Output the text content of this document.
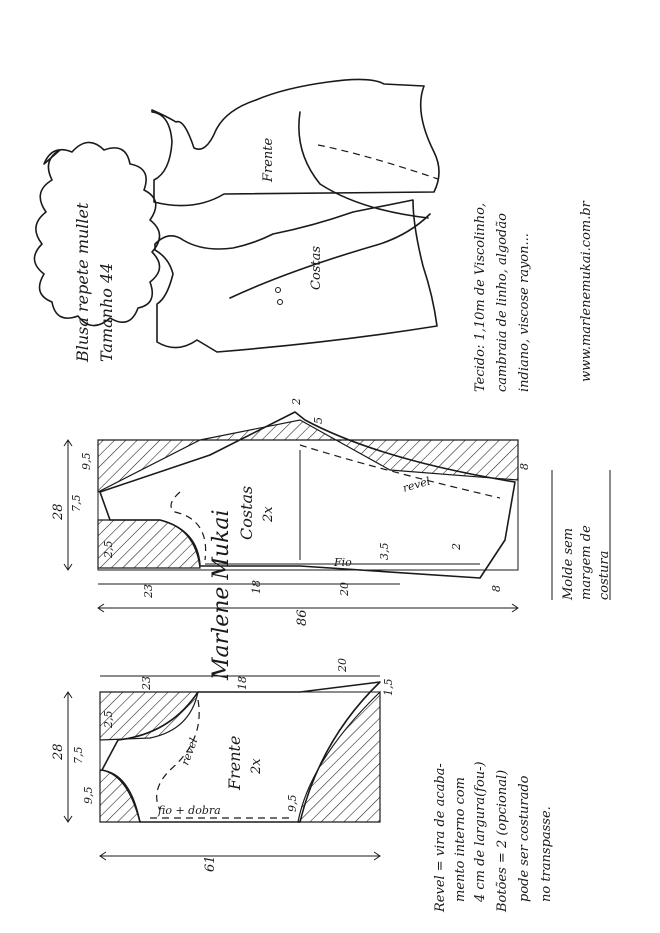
Blusa repete mullet Tamanho 44
Frente
Costas	Tecido: 1,10m de Viscolinho, cambraia de linho, algodão indiano, viscose rayon...	www.marlenemukai.com.br
Costas 2x
Fio
revel
28 7,5
2,5
9,5
2
5
8
2
3,5
86
23	18	20	8	Molde sem margem de costura
Marlene Mukai
Frente 2x
revel
fio + dobra
28 7,5
9,5
2,5
9,5
1,5
61
23	18
20
Revel = vira de acaba- mento interno com 4 cm de largura(fou-) Botões = 2 (opcional) pode ser costurado no transpasse.
